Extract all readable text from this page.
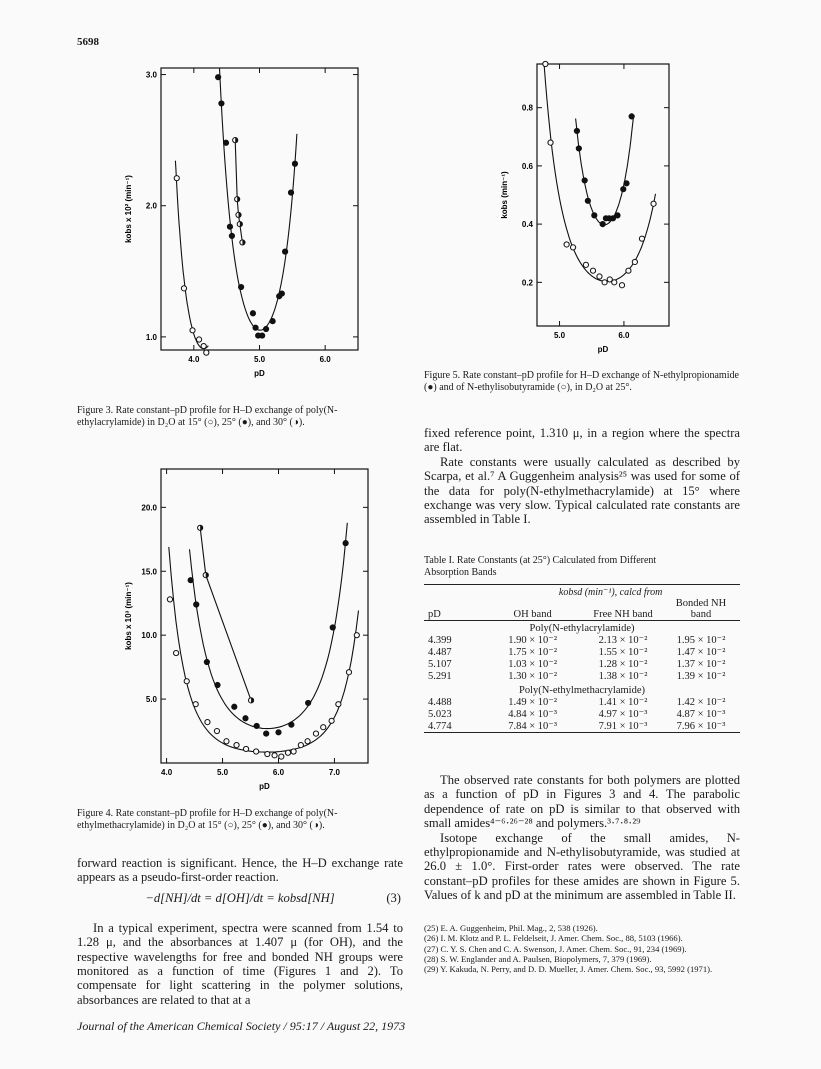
5698
4.0	5.0	6.0
1.0
2.0
3.0
pD
kobs x 10² (min⁻¹)
Figure 3. Rate constant–pD profile for H–D exchange of poly(N-ethylacrylamide) in D₂O at 15° (○), 25° (●), and 30° (◑).
4.0	5.0	6.0	7.0
5.0
10.0
15.0
20.0
pD
kobs x 10³ (min⁻¹)
Figure 4. Rate constant–pD profile for H–D exchange of poly(N-ethylmethacrylamide) in D₂O at 15° (○), 25° (●), and 30° (◑).
5.0	6.0
0.2
0.4
0.6
0.8
pD
kobs (min⁻¹)
Figure 5. Rate constant–pD profile for H–D exchange of N-ethylpropionamide (●) and of N-ethylisobutyramide (○), in D₂O at 25°.

forward reaction is significant. Hence, the H–D exchange rate appears as a pseudo-first-order reaction.

−d[NH]/dt = d[OH]/dt = kobsd[NH]	(3)

In a typical experiment, spectra were scanned from 1.54 to 1.28 μ, and the absorbances at 1.407 μ (for OH), and the respective wavelengths for free and bonded NH groups were monitored as a function of time (Figures 1 and 2). To compensate for light scattering in the polymer solutions, absorbances are related to that at a

fixed reference point, 1.310 μ, in a region where the spectra are flat.

Rate constants were usually calculated as described by Scarpa, et al.⁷ A Guggenheim analysis²⁵ was used for some of the data for poly(N-ethylmethacrylamide) at 15° where exchange was very slow. Typical calculated rate constants are assembled in Table I.

Table I. Rate Constants (at 25°) Calculated from Different Absorption Bands

	kobsd (min⁻¹), calcd from		
pD	OH band	Free NH band	Bonded NH band

Poly(N-ethylacrylamide)			
4.399	1.90 × 10⁻²	2.13 × 10⁻²	1.95 × 10⁻²
4.487	1.75 × 10⁻²	1.55 × 10⁻²	1.47 × 10⁻²
5.107	1.03 × 10⁻²	1.28 × 10⁻²	1.37 × 10⁻²
5.291	1.30 × 10⁻²	1.38 × 10⁻²	1.39 × 10⁻²
Poly(N-ethylmethacrylamide)			
4.488	1.49 × 10⁻²	1.41 × 10⁻²	1.42 × 10⁻²
5.023	4.84 × 10⁻³	4.97 × 10⁻³	4.87 × 10⁻³
4.774	7.84 × 10⁻³	7.91 × 10⁻³	7.96 × 10⁻³

The observed rate constants for both polymers are plotted as a function of pD in Figures 3 and 4. The parabolic dependence of rate on pD is similar to that observed with small amides⁴⁻⁶·²⁶⁻²⁸ and polymers.³·⁷·⁸·²⁹

Isotope exchange of the small amides, N-ethylpropionamide and N-ethylisobutyramide, was studied at 26.0 ± 1.0°. First-order rates were observed. The rate constant–pD profiles for these amides are shown in Figure 5. Values of k and pD at the minimum are assembled in Table II.

(25) E. A. Guggenheim, Phil. Mag., 2, 538 (1926).
(26) I. M. Klotz and P. L. Feldelseit, J. Amer. Chem. Soc., 88, 5103 (1966).
(27) C. Y. S. Chen and C. A. Swenson, J. Amer. Chem. Soc., 91, 234 (1969).
(28) S. W. Englander and A. Paulsen, Biopolymers, 7, 379 (1969).
(29) Y. Kakuda, N. Perry, and D. D. Mueller, J. Amer. Chem. Soc., 93, 5992 (1971).
Journal of the American Chemical Society / 95:17 / August 22, 1973
